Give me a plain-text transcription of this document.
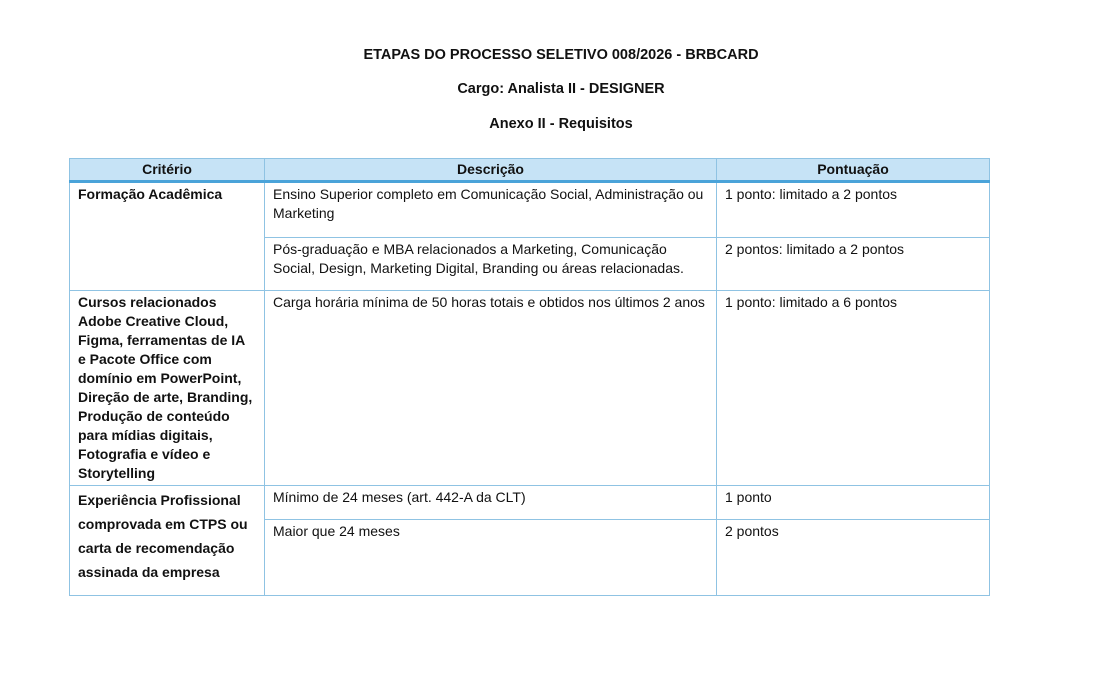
ETAPAS DO PROCESSO SELETIVO 008/2026 - BRBCARD

Cargo: Analista II - DESIGNER

Anexo II - Requisitos

Critério	Descrição	Pontuação
Formação Acadêmica	Ensino Superior completo em Comunicação Social, Administração ou Marketing	1 ponto: limitado a 2 pontos
	Pós-graduação e MBA relacionados a Marketing, Comunicação Social, Design, Marketing Digital, Branding ou áreas relacionadas.	2 pontos: limitado a 2 pontos
Cursos relacionados Adobe Creative Cloud, Figma, ferramentas de IA e Pacote Office com domínio em PowerPoint, Direção de arte, Branding, Produção de conteúdo para mídias digitais, Fotografia e vídeo e Storytelling	Carga horária mínima de 50 horas totais e obtidos nos últimos 2 anos	1 ponto: limitado a 6 pontos
Experiência Profissional comprovada em CTPS ou carta de recomendação assinada da empresa	Mínimo de 24 meses (art. 442-A da CLT)	1 ponto
	Maior que 24 meses	2 pontos
